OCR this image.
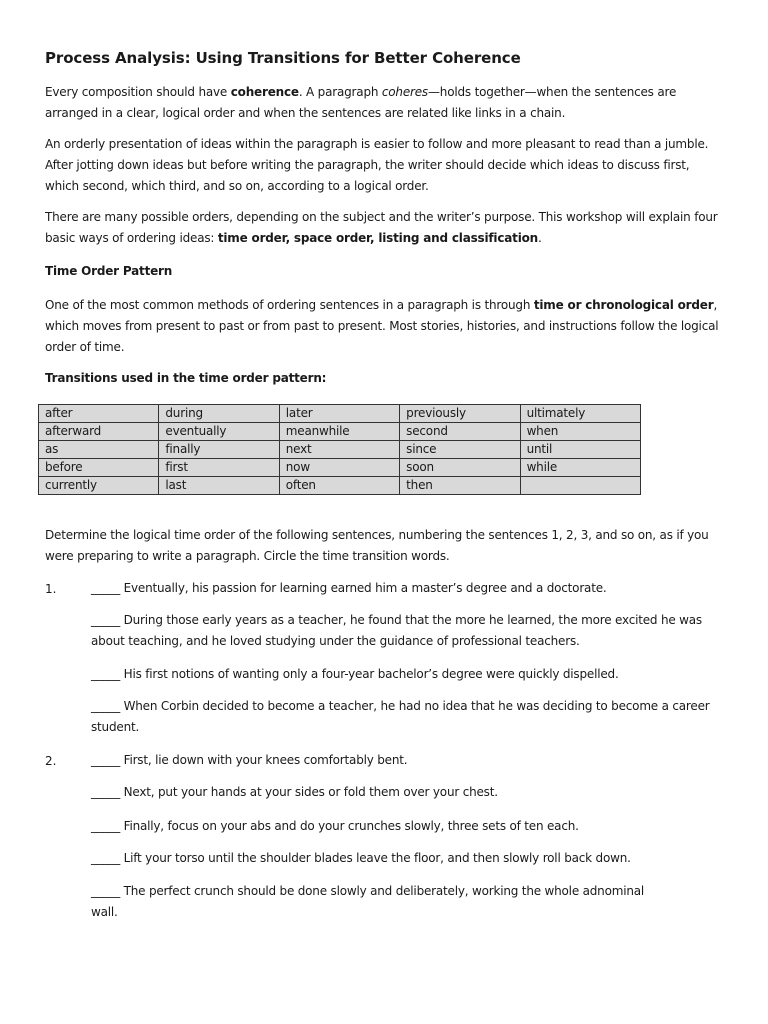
Process Analysis: Using Transitions for Better Coherence
Every composition should have coherence. A paragraph coheres—holds together—when the sentences are arranged in a clear, logical order and when the sentences are related like links in a chain.
An orderly presentation of ideas within the paragraph is easier to follow and more pleasant to read than a jumble. After jotting down ideas but before writing the paragraph, the writer should decide which ideas to discuss first, which second, which third, and so on, according to a logical order.
There are many possible orders, depending on the subject and the writer’s purpose. This workshop will explain four basic ways of ordering ideas: time order, space order, listing and classification.
Time Order Pattern
One of the most common methods of ordering sentences in a paragraph is through time or chronological order, which moves from present to past or from past to present. Most stories, histories, and instructions follow the logical order of time.
Transitions used in the time order pattern:
after	during	later	previously	ultimately
afterward	eventually	meanwhile	second	when
as	finally	next	since	until
before	first	now	soon	while
currently	last	often	then	
Determine the logical time order of the following sentences, numbering the sentences 1, 2, 3, and so on, as if you were preparing to write a paragraph. Circle the time transition words.
1.	_____ Eventually, his passion for learning earned him a master’s degree and a doctorate.
_____ During those early years as a teacher, he found that the more he learned, the more excited he was about teaching, and he loved studying under the guidance of professional teachers.
_____ His first notions of wanting only a four-year bachelor’s degree were quickly dispelled.
_____ When Corbin decided to become a teacher, he had no idea that he was deciding to become a career student.
2.	_____ First, lie down with your knees comfortably bent.
_____ Next, put your hands at your sides or fold them over your chest.
_____ Finally, focus on your abs and do your crunches slowly, three sets of ten each.
_____ Lift your torso until the shoulder blades leave the floor, and then slowly roll back down.
_____ The perfect crunch should be done slowly and deliberately, working the whole adnominal wall.
